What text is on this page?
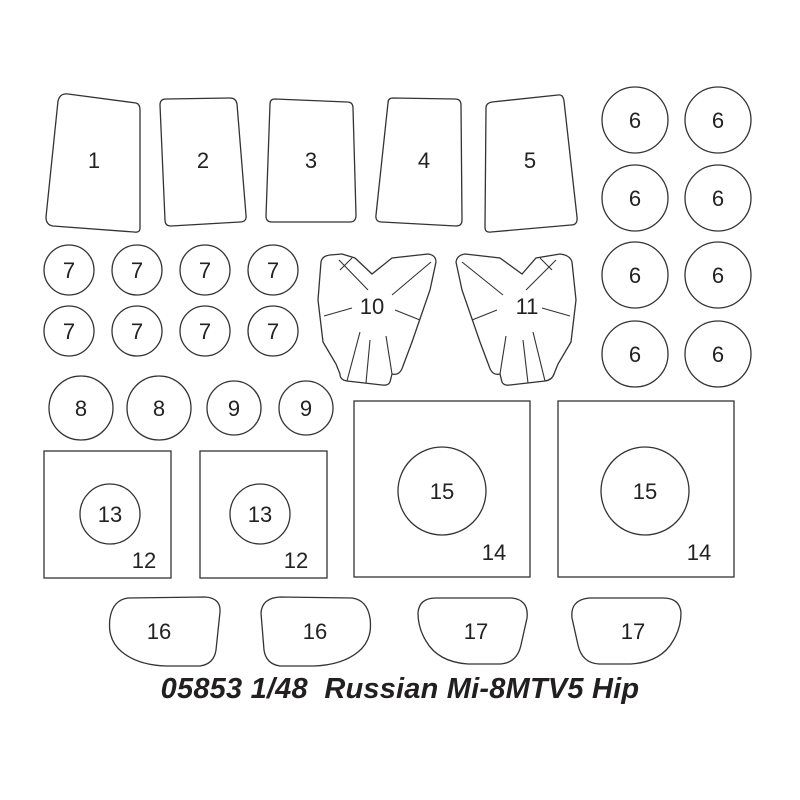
1	2	3	4	5
6	6
6	6
6	6
6	6
7	7	7	7
7	7	7	7
10	11
8	8	9	9
13
12
13
12
15
14
15
14
16	16	17	17
05853 1/48  Russian Mi-8MTV5 Hip
